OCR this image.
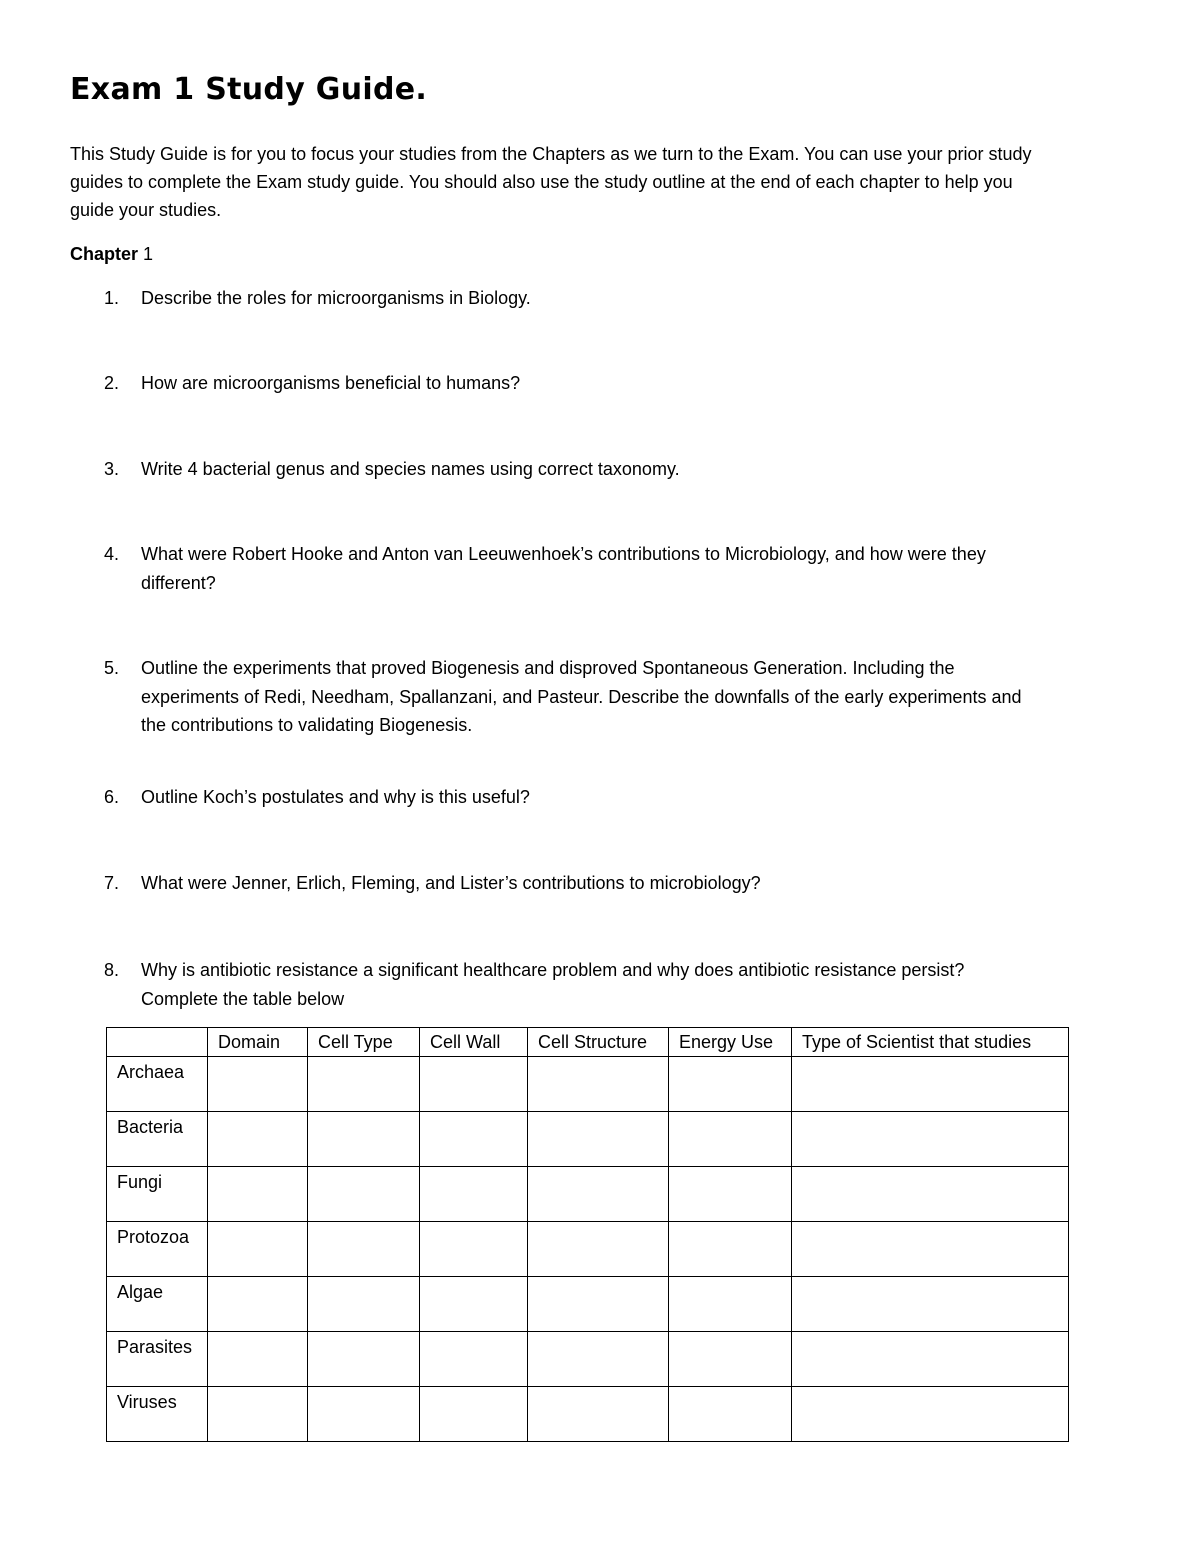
Exam 1 Study Guide.
This Study Guide is for you to focus your studies from the Chapters as we turn to the Exam. You can use your prior study
guides to complete the Exam study guide. You should also use the study outline at the end of each chapter to help you
guide your studies.
Chapter 1
1.	Describe the roles for microorganisms in Biology.
2.	How are microorganisms beneficial to humans?
3.	Write 4 bacterial genus and species names using correct taxonomy.
4.	What were Robert Hooke and Anton van Leeuwenhoek’s contributions to Microbiology, and how were they
different?
5.	Outline the experiments that proved Biogenesis and disproved Spontaneous Generation. Including the
experiments of Redi, Needham, Spallanzani, and Pasteur. Describe the downfalls of the early experiments and
the contributions to validating Biogenesis.
6.	Outline Koch’s postulates and why is this useful?
7.	What were Jenner, Erlich, Fleming, and Lister’s contributions to microbiology?
8.	Why is antibiotic resistance a significant healthcare problem and why does antibiotic resistance persist?
Complete the table below
	Domain	Cell Type	Cell Wall	Cell Structure	Energy Use	Type of Scientist that studies
Archaea						
Bacteria						
Fungi						
Protozoa						
Algae						
Parasites						
Viruses						
